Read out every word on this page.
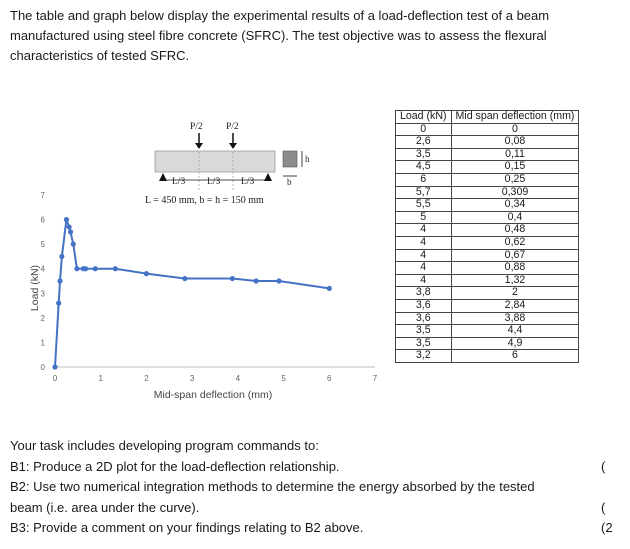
The table and graph below display the experimental results of a load-deflection test of a beam
manufactured using steel fibre concrete (SFRC). The test objective was to assess the flexural
characteristics of tested SFRC.

P/2 P/2
L/3 L/3 L/3
h
b
L = 450 mm, b = h = 150 mm
0
1
2
3
4
5
6
7
0	1	2	3	4	5	6	7
Mid-span deflection (mm)
Load (kN)
Load (kN)	Mid span deflection (mm)
0	0
2,6	0,08
3,5	0,11
4,5	0,15
6	0,25
5,7	0,309
5,5	0,34
5	0,4
4	0,48
4	0,62
4	0,67
4	0,88
4	1,32
3,8	2
3,6	2,84
3,6	3,88
3,5	4,4
3,5	4,9
3,2	6
Your task includes developing program commands to:
B1: Produce a 2D plot for the load-deflection relationship.
B2: Use two numerical integration methods to determine the energy absorbed by the tested
beam (i.e. area under the curve).
B3: Provide a comment on your findings relating to B2 above.
(
(
(2
